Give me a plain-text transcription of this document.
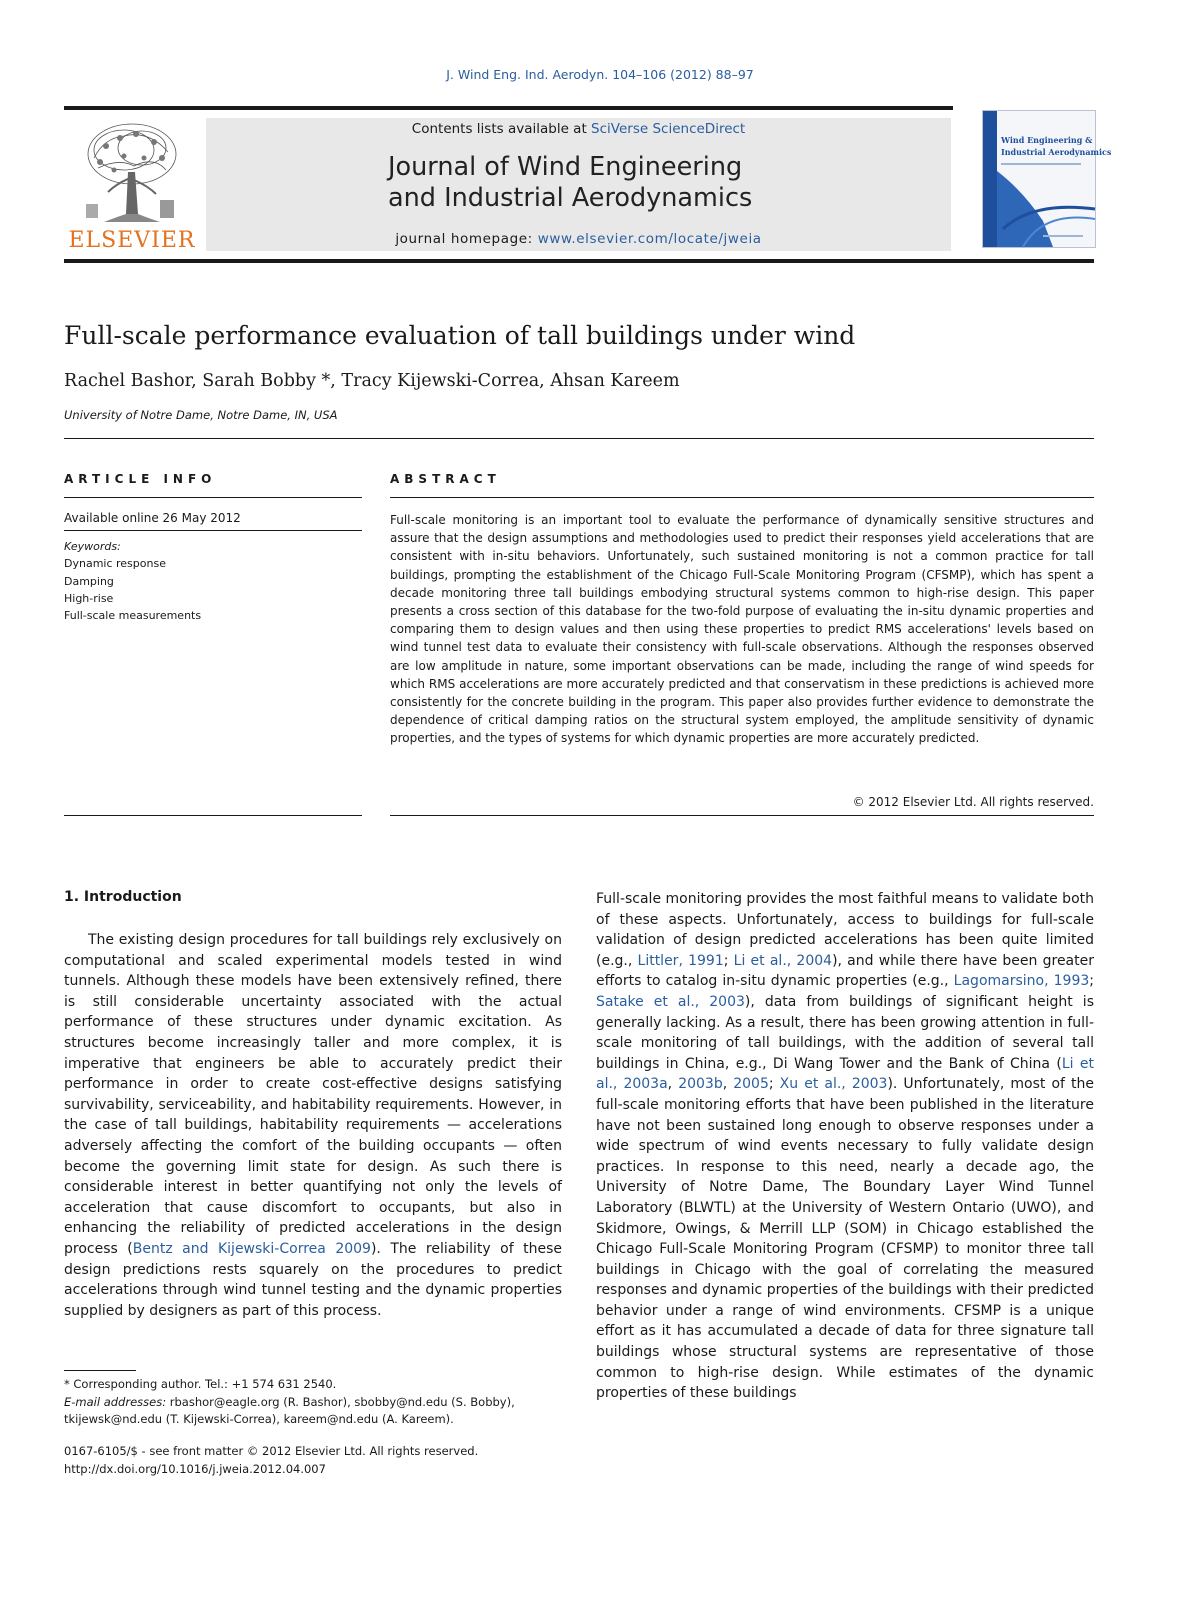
J. Wind Eng. Ind. Aerodyn. 104–106 (2012) 88–97
ELSEVIER
Contents lists available at SciVerse ScienceDirect
Journal of Wind Engineering
and Industrial Aerodynamics
journal homepage: www.elsevier.com/locate/jweia
Wind Engineering &
Industrial Aerodynamics
Full-scale performance evaluation of tall buildings under wind
Rachel Bashor, Sarah Bobby *, Tracy Kijewski-Correa, Ahsan Kareem
University of Notre Dame, Notre Dame, IN, USA
ARTICLE INFO	ABSTRACT
Available online 26 May 2012
Keywords:
Dynamic response
Damping
High-rise
Full-scale measurements
Full-scale monitoring is an important tool to evaluate the performance of dynamically sensitive structures and assure that the design assumptions and methodologies used to predict their responses yield accelerations that are consistent with in-situ behaviors. Unfortunately, such sustained monitoring is not a common practice for tall buildings, prompting the establishment of the Chicago Full-Scale Monitoring Program (CFSMP), which has spent a decade monitoring three tall buildings embodying structural systems common to high-rise design. This paper presents a cross section of this database for the two-fold purpose of evaluating the in-situ dynamic properties and comparing them to design values and then using these properties to predict RMS accelerations' levels based on wind tunnel test data to evaluate their consistency with full-scale observations. Although the responses observed are low amplitude in nature, some important observations can be made, including the range of wind speeds for which RMS accelerations are more accurately predicted and that conservatism in these predictions is achieved more consistently for the concrete building in the program. This paper also provides further evidence to demonstrate the dependence of critical damping ratios on the structural system employed, the amplitude sensitivity of dynamic properties, and the types of systems for which dynamic properties are more accurately predicted.
© 2012 Elsevier Ltd. All rights reserved.
1. Introduction

The existing design procedures for tall buildings rely exclusively on computational and scaled experimental models tested in wind tunnels. Although these models have been extensively refined, there is still considerable uncertainty associated with the actual performance of these structures under dynamic excitation. As structures become increasingly taller and more complex, it is imperative that engineers be able to accurately predict their performance in order to create cost-effective designs satisfying survivability, serviceability, and habitability requirements. However, in the case of tall buildings, habitability requirements — accelerations adversely affecting the comfort of the building occupants — often become the governing limit state for design. As such there is considerable interest in better quantifying not only the levels of acceleration that cause discomfort to occupants, but also in enhancing the reliability of predicted accelerations in the design process (Bentz and Kijewski-Correa 2009). The reliability of these design predictions rests squarely on the procedures to predict accelerations through wind tunnel testing and the dynamic properties supplied by designers as part of this process.

Full-scale monitoring provides the most faithful means to validate both of these aspects. Unfortunately, access to buildings for full-scale validation of design predicted accelerations has been quite limited (e.g., Littler, 1991; Li et al., 2004), and while there have been greater efforts to catalog in-situ dynamic properties (e.g., Lagomarsino, 1993; Satake et al., 2003), data from buildings of significant height is generally lacking. As a result, there has been growing attention in full-scale monitoring of tall buildings, with the addition of several tall buildings in China, e.g., Di Wang Tower and the Bank of China (Li et al., 2003a, 2003b, 2005; Xu et al., 2003). Unfortunately, most of the full-scale monitoring efforts that have been published in the literature have not been sustained long enough to observe responses under a wide spectrum of wind events necessary to fully validate design practices. In response to this need, nearly a decade ago, the University of Notre Dame, The Boundary Layer Wind Tunnel Laboratory (BLWTL) at the University of Western Ontario (UWO), and Skidmore, Owings, & Merrill LLP (SOM) in Chicago established the Chicago Full-Scale Monitoring Program (CFSMP) to monitor three tall buildings in Chicago with the goal of correlating the measured responses and dynamic properties of the buildings with their predicted behavior under a range of wind environments. CFSMP is a unique effort as it has accumulated a decade of data for three signature tall buildings whose structural systems are representative of those common to high-rise design. While estimates of the dynamic properties of these buildings

* Corresponding author. Tel.: +1 574 631 2540.
E-mail addresses: rbashor@eagle.org (R. Bashor), sbobby@nd.edu (S. Bobby), tkijewsk@nd.edu (T. Kijewski-Correa), kareem@nd.edu (A. Kareem).
0167-6105/$ - see front matter © 2012 Elsevier Ltd. All rights reserved.
http://dx.doi.org/10.1016/j.jweia.2012.04.007
